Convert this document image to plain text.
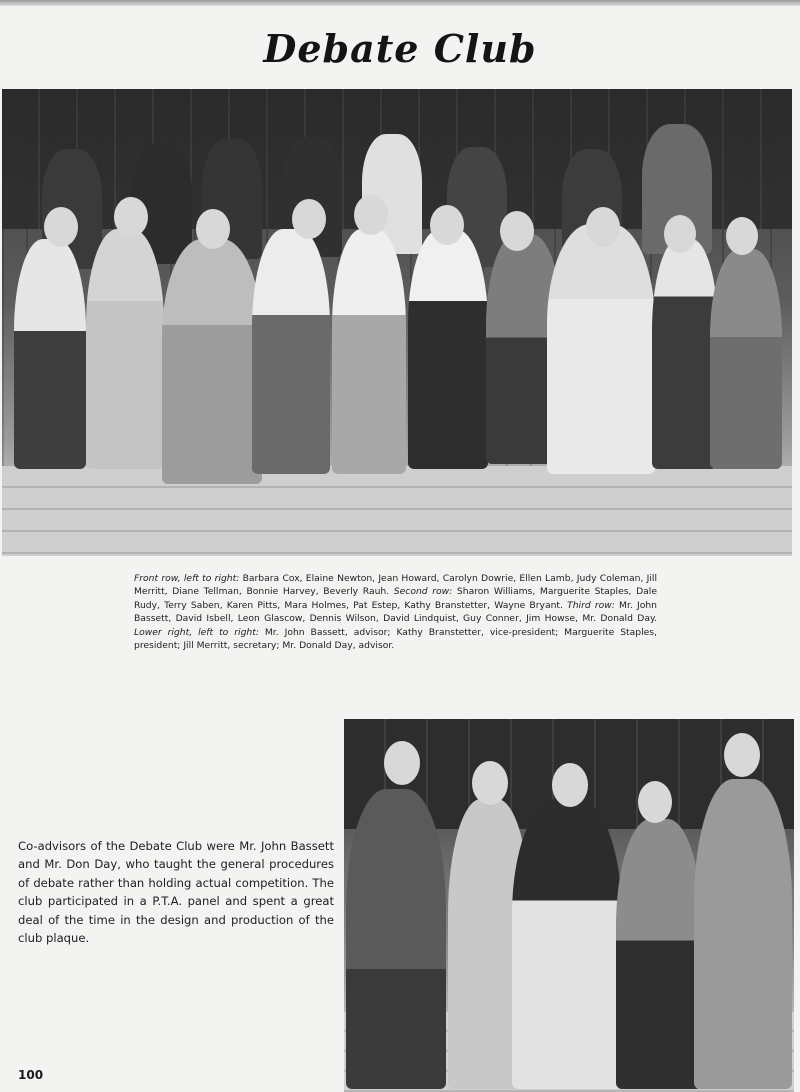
Debate Club
Front row, left to right: Barbara Cox, Elaine Newton, Jean Howard, Carolyn Dowrie, Ellen Lamb, Judy Coleman, Jill Merritt, Diane Tellman, Bonnie Harvey, Beverly Rauh. Second row: Sharon Williams, Marguerite Staples, Dale Rudy, Terry Saben, Karen Pitts, Mara Holmes, Pat Estep, Kathy Branstetter, Wayne Bryant. Third row: Mr. John Bassett, David Isbell, Leon Glascow, Dennis Wilson, David Lindquist, Guy Conner, Jim Howse, Mr. Donald Day. Lower right, left to right: Mr. John Bassett, advisor; Kathy Branstetter, vice-president; Marguerite Staples, president; Jill Merritt, secretary; Mr. Donald Day, advisor.
Co-advisors of the Debate Club were Mr. John Bassett and Mr. Don Day, who taught the general procedures of debate rather than holding actual competition. The club participated in a P.T.A. panel and spent a great deal of the time in the design and production of the club plaque.
100
